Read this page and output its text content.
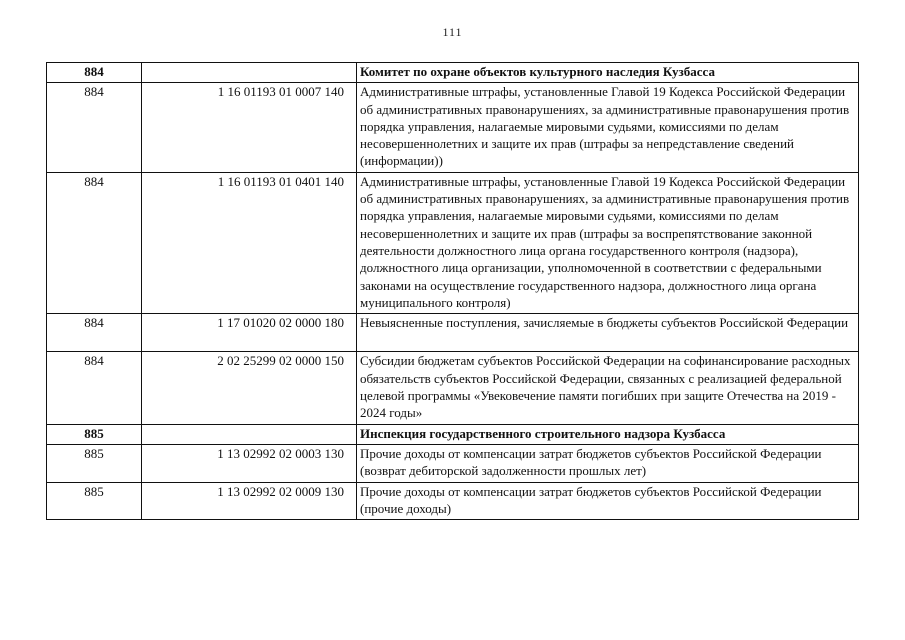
111
884		Комитет по охране объектов культурного наследия Кузбасса
884	1 16 01193 01 0007 140	Административные штрафы, установленные Главой 19 Кодекса Российской Федерации об административных правонарушениях, за административные правонарушения против порядка управления, налагаемые мировыми судьями, комиссиями по делам несовершеннолетних и защите их прав (штрафы за непредставление сведений (информации))
884	1 16 01193 01 0401 140	Административные штрафы, установленные Главой 19 Кодекса Российской Федерации об административных правонарушениях, за административные правонарушения против порядка управления, налагаемые мировыми судьями, комиссиями по делам несовершеннолетних и защите их прав (штрафы за воспрепятствование законной деятельности должностного лица органа государственного контроля (надзора), должностного лица организации, уполномоченной в соответствии с федеральными законами на осуществление государственного надзора, должностного лица органа муниципального контроля)
884	1 17 01020 02 0000 180	Невыясненные поступления, зачисляемые в бюджеты субъектов Российской Федерации
884	2 02 25299 02 0000 150	Субсидии бюджетам субъектов Российской Федерации на софинансирование расходных обязательств субъектов Российской Федерации, связанных с реализацией федеральной целевой программы «Увековечение памяти погибших при защите Отечества на 2019 - 2024 годы»
885		Инспекция государственного строительного надзора Кузбасса
885	1 13 02992 02 0003 130	Прочие доходы от компенсации затрат бюджетов субъектов Российской Федерации (возврат дебиторской задолженности прошлых лет)
885	1 13 02992 02 0009 130	Прочие доходы от компенсации затрат бюджетов субъектов Российской Федерации (прочие доходы)
